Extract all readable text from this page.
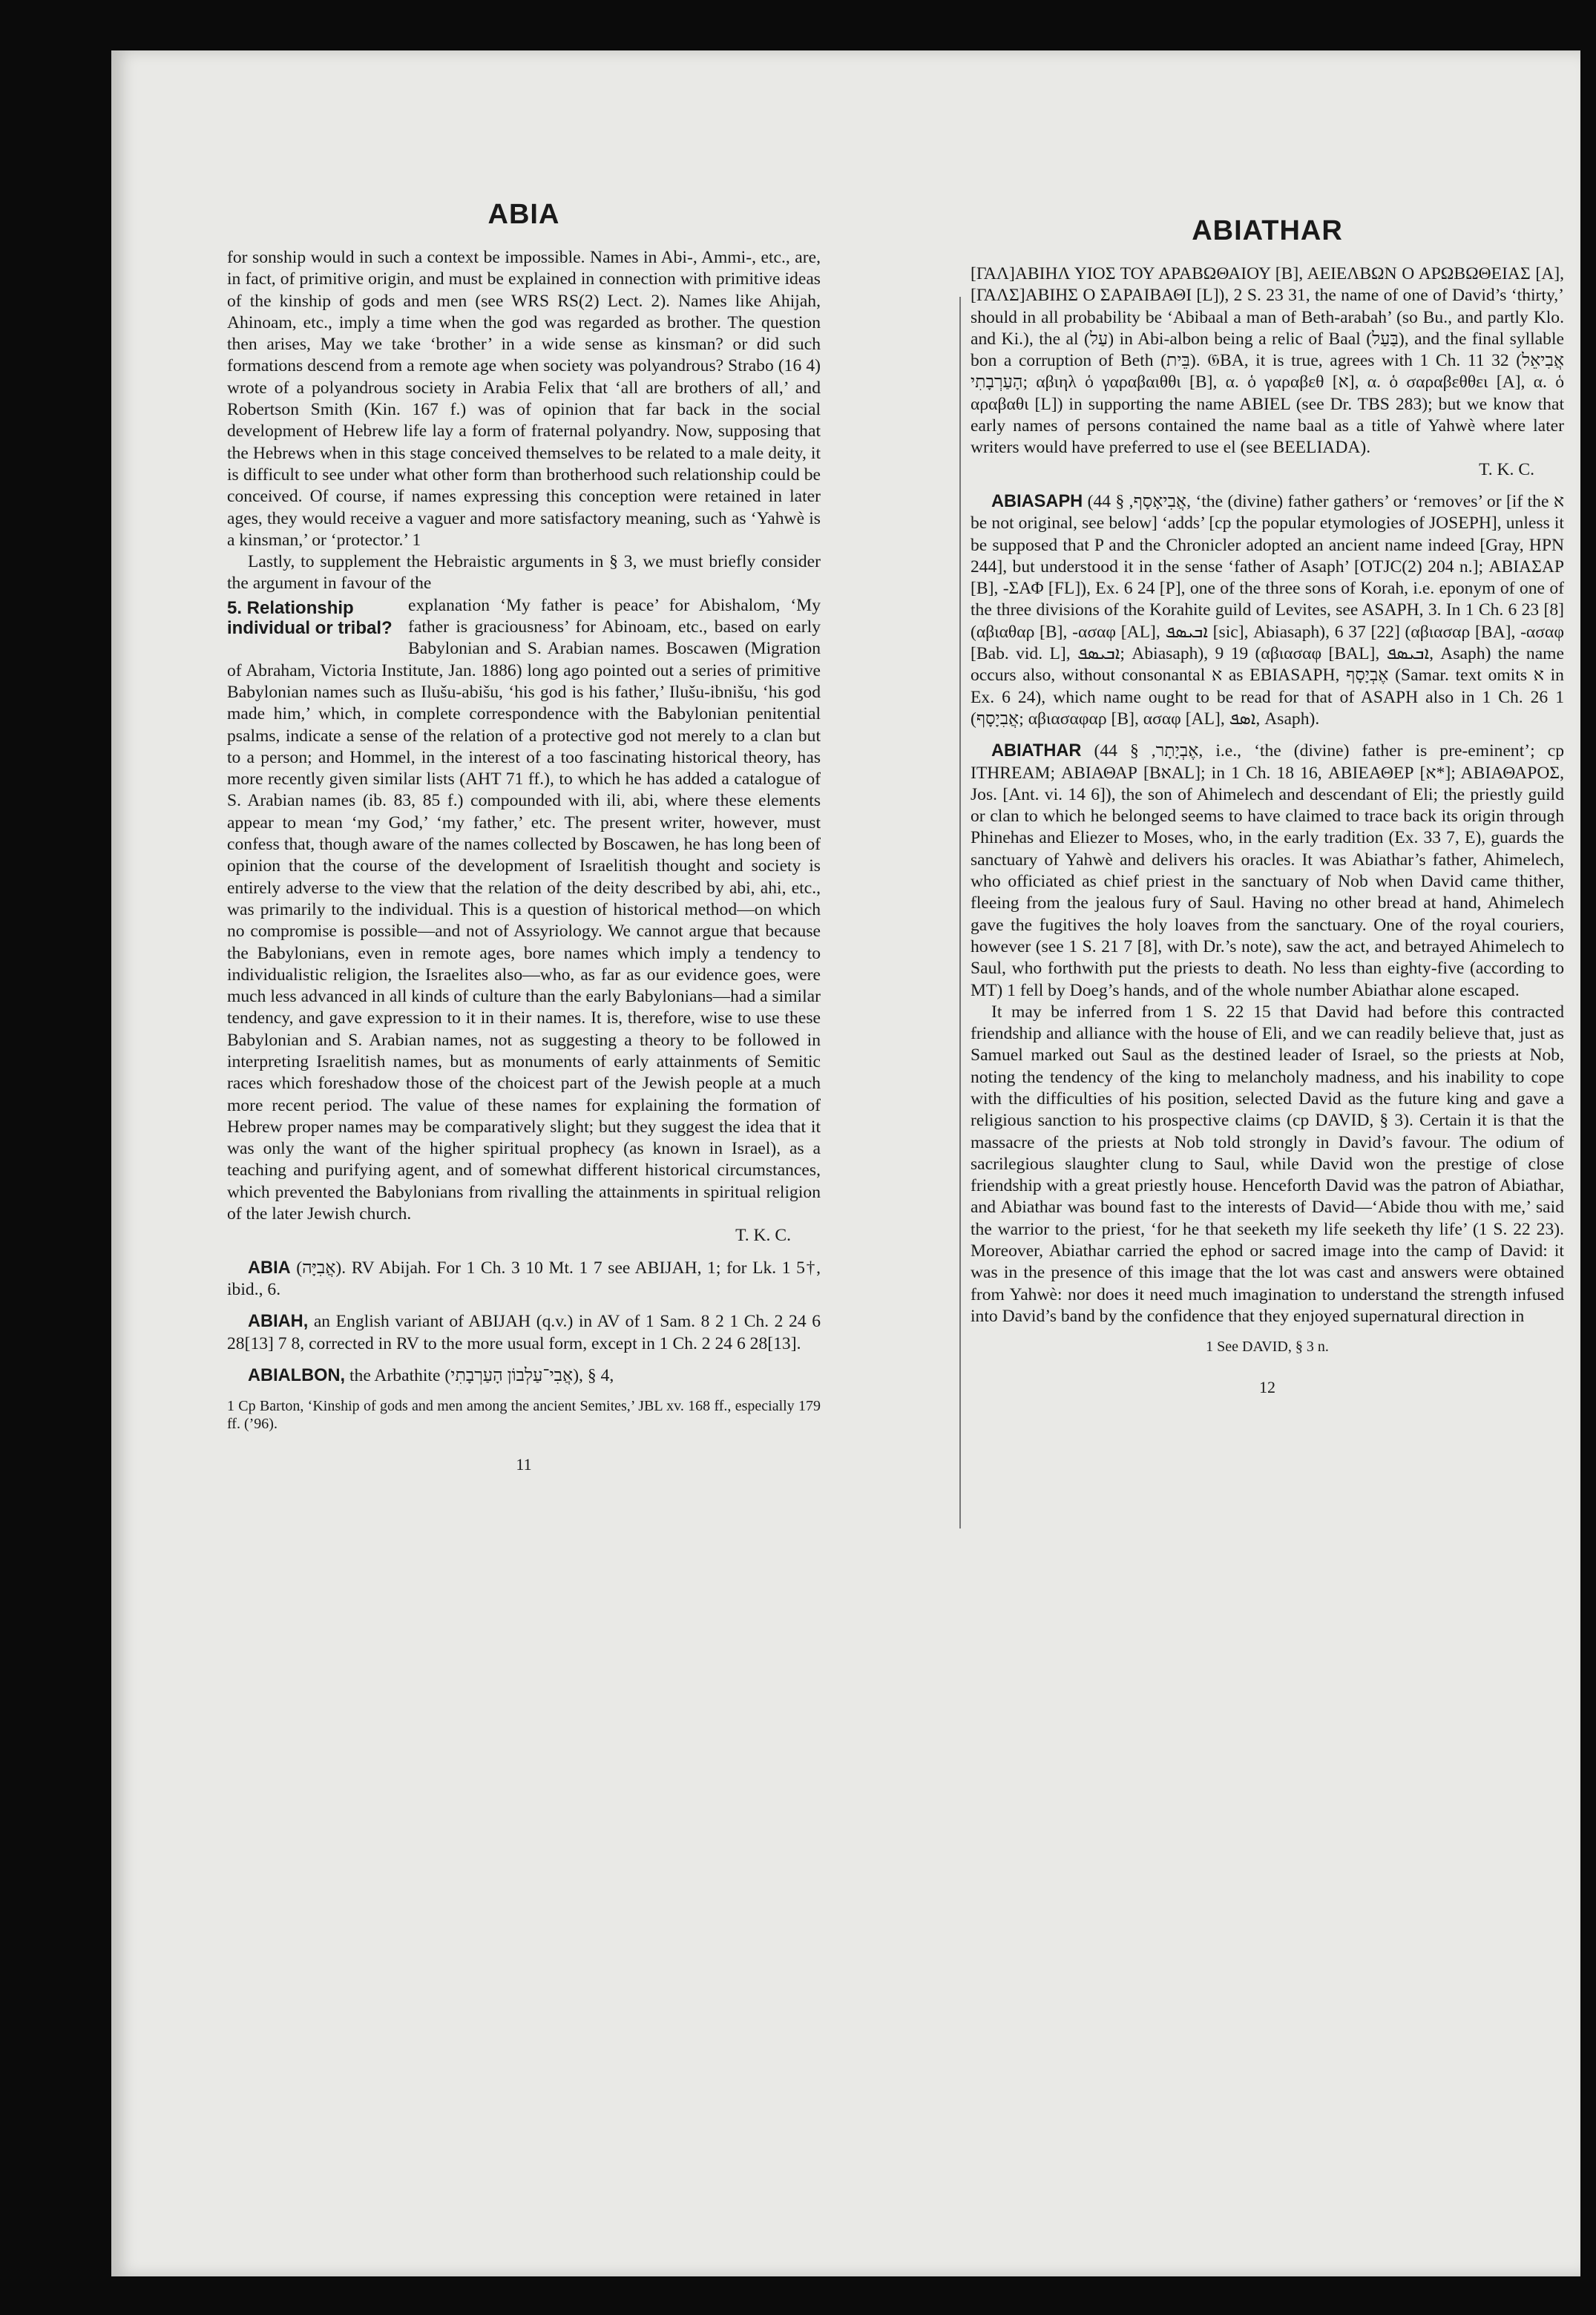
ABIA

for sonship would in such a context be impossible. Names in Abi-, Ammi-, etc., are, in fact, of primitive origin, and must be explained in connection with primitive ideas of the kinship of gods and men (see WRS RS(2) Lect. 2). Names like Ahijah, Ahinoam, etc., imply a time when the god was regarded as brother. The question then arises, May we take ‘brother’ in a wide sense as kinsman? or did such formations descend from a remote age when society was polyandrous? Strabo (16 4) wrote of a polyandrous society in Arabia Felix that ‘all are brothers of all,’ and Robertson Smith (Kin. 167 f.) was of opinion that far back in the social development of Hebrew life lay a form of fraternal polyandry. Now, supposing that the Hebrews when in this stage conceived themselves to be related to a male deity, it is difficult to see under what other form than brotherhood such relationship could be conceived. Of course, if names expressing this conception were retained in later ages, they would receive a vaguer and more satisfactory meaning, such as ‘Yahwè is a kinsman,’ or ‘protector.’ 1

Lastly, to supplement the Hebraistic arguments in § 3, we must briefly consider the argument in favour of the

5. Relationship individual or tribal?

explanation ‘My father is peace’ for Abishalom, ‘My father is graciousness’ for Abinoam, etc., based on early Babylonian and S. Arabian names. Boscawen (Migration of Abraham, Victoria Institute, Jan. 1886) long ago pointed out a series of primitive Babylonian names such as Ilušu-abišu, ‘his god is his father,’ Ilušu-ibnišu, ‘his god made him,’ which, in complete correspondence with the Babylonian penitential psalms, indicate a sense of the relation of a protective god not merely to a clan but to a person; and Hommel, in the interest of a too fascinating historical theory, has more recently given similar lists (AHT 71 ff.), to which he has added a catalogue of S. Arabian names (ib. 83, 85 f.) compounded with ili, abi, where these elements appear to mean ‘my God,’ ‘my father,’ etc. The present writer, however, must confess that, though aware of the names collected by Boscawen, he has long been of opinion that the course of the development of Israelitish thought and society is entirely adverse to the view that the relation of the deity described by abi, ahi, etc., was primarily to the individual. This is a question of historical method—on which no compromise is possible—and not of Assyriology. We cannot argue that because the Babylonians, even in remote ages, bore names which imply a tendency to individualistic religion, the Israelites also—who, as far as our evidence goes, were much less advanced in all kinds of culture than the early Babylonians—had a similar tendency, and gave expression to it in their names. It is, therefore, wise to use these Babylonian and S. Arabian names, not as suggesting a theory to be followed in interpreting Israelitish names, but as monuments of early attainments of Semitic races which foreshadow those of the choicest part of the Jewish people at a much more recent period. The value of these names for explaining the formation of Hebrew proper names may be comparatively slight; but they suggest the idea that it was only the want of the higher spiritual prophecy (as known in Israel), as a teaching and purifying agent, and of somewhat different historical circumstances, which prevented the Babylonians from rivalling the attainments in spiritual religion of the later Jewish church.
T. K. C.

ABIA (אֲבִיָּה). RV Abijah. For 1 Ch. 3 10 Mt. 1 7 see ABIJAH, 1; for Lk. 1 5†, ibid., 6.

ABIAH, an English variant of ABIJAH (q.v.) in AV of 1 Sam. 8 2 1 Ch. 2 24 6 28[13] 7 8, corrected in RV to the more usual form, except in 1 Ch. 2 24 6 28[13].

ABIALBON, the Arbathite (אֲבִי־עַלְבוֹן הָעַרְבָתִי), § 4,

1 Cp Barton, ‘Kinship of gods and men among the ancient Semites,’ JBL xv. 168 ff., especially 179 ff. (’96).
11
ABIATHAR

[ΓΑΛ]ΑΒΙΗΛ ΥΙΟΣ ΤΟΥ ΑΡΑΒΩΘΑΙΟΥ [B], ΑΕΙΕΛΒΩΝ Ο ΑΡΩΒΩΘΕΙΑΣ [A], [ΓΑΛΣ]ΑΒΙΗΣ Ο ΣΑΡΑΙΒΑΘΙ [L]), 2 S. 23 31, the name of one of David’s ‘thirty,’ should in all probability be ‘Abibaal a man of Beth-arabah’ (so Bu., and partly Klo. and Ki.), the al (עַל) in Abi-albon being a relic of Baal (בַּעַל), and the final syllable bon a corruption of Beth (בֵּית). 𝔊BA, it is true, agrees with 1 Ch. 11 32 (אֲבִיאֵל הָעַרְבָתִי; αβιηλ ὁ γαραβαιθθι [B], α. ὁ γαραβεθ [א], α. ὁ σαραβεθθει [A], α. ὁ αραβαθι [L]) in supporting the name ABIEL (see Dr. TBS 283); but we know that early names of persons contained the name baal as a title of Yahwè where later writers would have preferred to use el (see BEELIADA).
T. K. C.

ABIASAPH (אֲבִיאָסָף, § 44, ‘the (divine) father gathers’ or ‘removes’ or [if the א be not original, see below] ‘adds’ [cp the popular etymologies of JOSEPH], unless it be supposed that P and the Chronicler adopted an ancient name indeed [Gray, HPN 244], but understood it in the sense ‘father of Asaph’ [OTJC(2) 204 n.]; ΑΒΙΑΣΑΡ [B], -ΣΑΦ [FL]), Ex. 6 24 [P], one of the three sons of Korah, i.e. eponym of one of the three divisions of the Korahite guild of Levites, see ASAPH, 3. In 1 Ch. 6 23 [8] (αβιαθαρ [B], -ασαφ [AL], ܐܒܝܣܦ [sic], Abiasaph), 6 37 [22] (αβιασαρ [BA], -ασαφ [Bab. vid. L], ܐܒܝܣܦ; Abiasaph), 9 19 (αβιασαφ [BAL], ܐܒܝܣܦ, Asaph) the name occurs also, without consonantal א as EBIASAPH, אֶבְיָסָף (Samar. text omits א in Ex. 6 24), which name ought to be read for that of ASAPH also in 1 Ch. 26 1 (אֲבִיָסָף; αβιασαφαρ [B], ασαφ [AL], ܐܣܦ, Asaph).

ABIATHAR (אֶבְיָתָר, § 44, i.e., ‘the (divine) father is pre-eminent’; cp ITHREAM; ΑΒΙΑΘΑΡ [BאAL]; in 1 Ch. 18 16, ΑΒΙΕΑΘΕΡ [א*]; ΑΒΙΑΘΑΡΟΣ, Jos. [Ant. vi. 14 6]), the son of Ahimelech and descendant of Eli; the priestly guild or clan to which he belonged seems to have claimed to trace back its origin through Phinehas and Eliezer to Moses, who, in the early tradition (Ex. 33 7, E), guards the sanctuary of Yahwè and delivers his oracles. It was Abiathar’s father, Ahimelech, who officiated as chief priest in the sanctuary of Nob when David came thither, fleeing from the jealous fury of Saul. Having no other bread at hand, Ahimelech gave the fugitives the holy loaves from the sanctuary. One of the royal couriers, however (see 1 S. 21 7 [8], with Dr.’s note), saw the act, and betrayed Ahimelech to Saul, who forthwith put the priests to death. No less than eighty-five (according to MT) 1 fell by Doeg’s hands, and of the whole number Abiathar alone escaped.

It may be inferred from 1 S. 22 15 that David had before this contracted friendship and alliance with the house of Eli, and we can readily believe that, just as Samuel marked out Saul as the destined leader of Israel, so the priests at Nob, noting the tendency of the king to melancholy madness, and his inability to cope with the difficulties of his position, selected David as the future king and gave a religious sanction to his prospective claims (cp DAVID, § 3). Certain it is that the massacre of the priests at Nob told strongly in David’s favour. The odium of sacrilegious slaughter clung to Saul, while David won the prestige of close friendship with a great priestly house. Henceforth David was the patron of Abiathar, and Abiathar was bound fast to the interests of David—‘Abide thou with me,’ said the warrior to the priest, ‘for he that seeketh my life seeketh thy life’ (1 S. 22 23). Moreover, Abiathar carried the ephod or sacred image into the camp of David: it was in the presence of this image that the lot was cast and answers were obtained from Yahwè: nor does it need much imagination to understand the strength infused into David’s band by the confidence that they enjoyed supernatural direction in

1 See DAVID, § 3 n.
12
